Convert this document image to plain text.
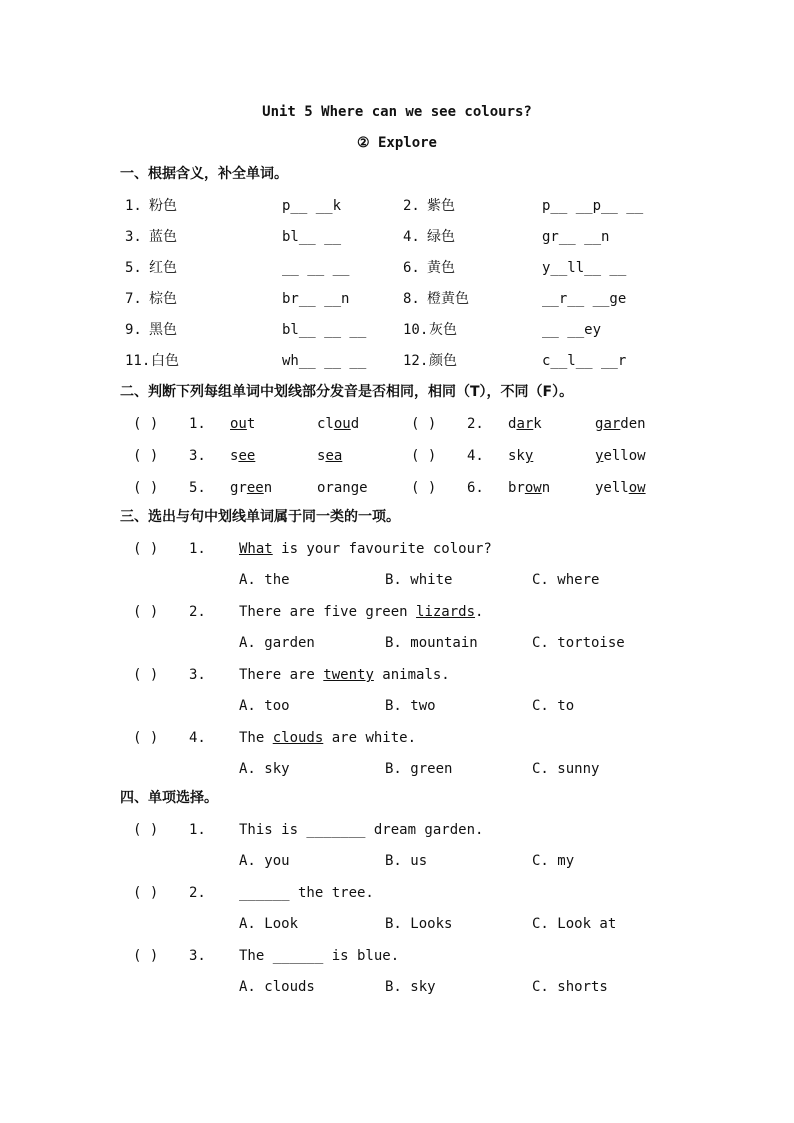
Unit 5 Where can we see colours?
② Explore
一、根据含义，补全单词。
1. 粉色	p__ __k	2. 紫色	p__ __p__ __
3. 蓝色	bl__ __	4. 绿色	gr__ __n
5. 红色	__ __ __	6. 黄色	y__ll__ __
7. 棕色	br__ __n	8. 橙黄色	__r__ __ge
9. 黑色	bl__ __ __	10. 灰色	__ __ey
11. 白色	wh__ __ __	12. 颜色	c__l__ __r
二、判断下列每组单词中划线部分发音是否相同，相同（T），不同（F）。
( ) 1. out	cloud	( ) 2. dark	garden
( ) 3. see	sea	( ) 4. sky	yellow
( ) 5. green	orange	( ) 6. brown	yellow
三、选出与句中划线单词属于同一类的一项。
( ) 1. What is your favourite colour?
A. the	B. white	C. where
( ) 2. There are five green lizards.
A. garden	B. mountain	C. tortoise
( ) 3. There are twenty animals.
A. too	B. two	C. to
( ) 4. The clouds are white.
A. sky	B. green	C. sunny
四、单项选择。
( ) 1. This is _______ dream garden.
A. you	B. us	C. my
( ) 2. ______ the tree.
A. Look	B. Looks	C. Look at
( ) 3. The ______ is blue.
A. clouds	B. sky	C. shorts
